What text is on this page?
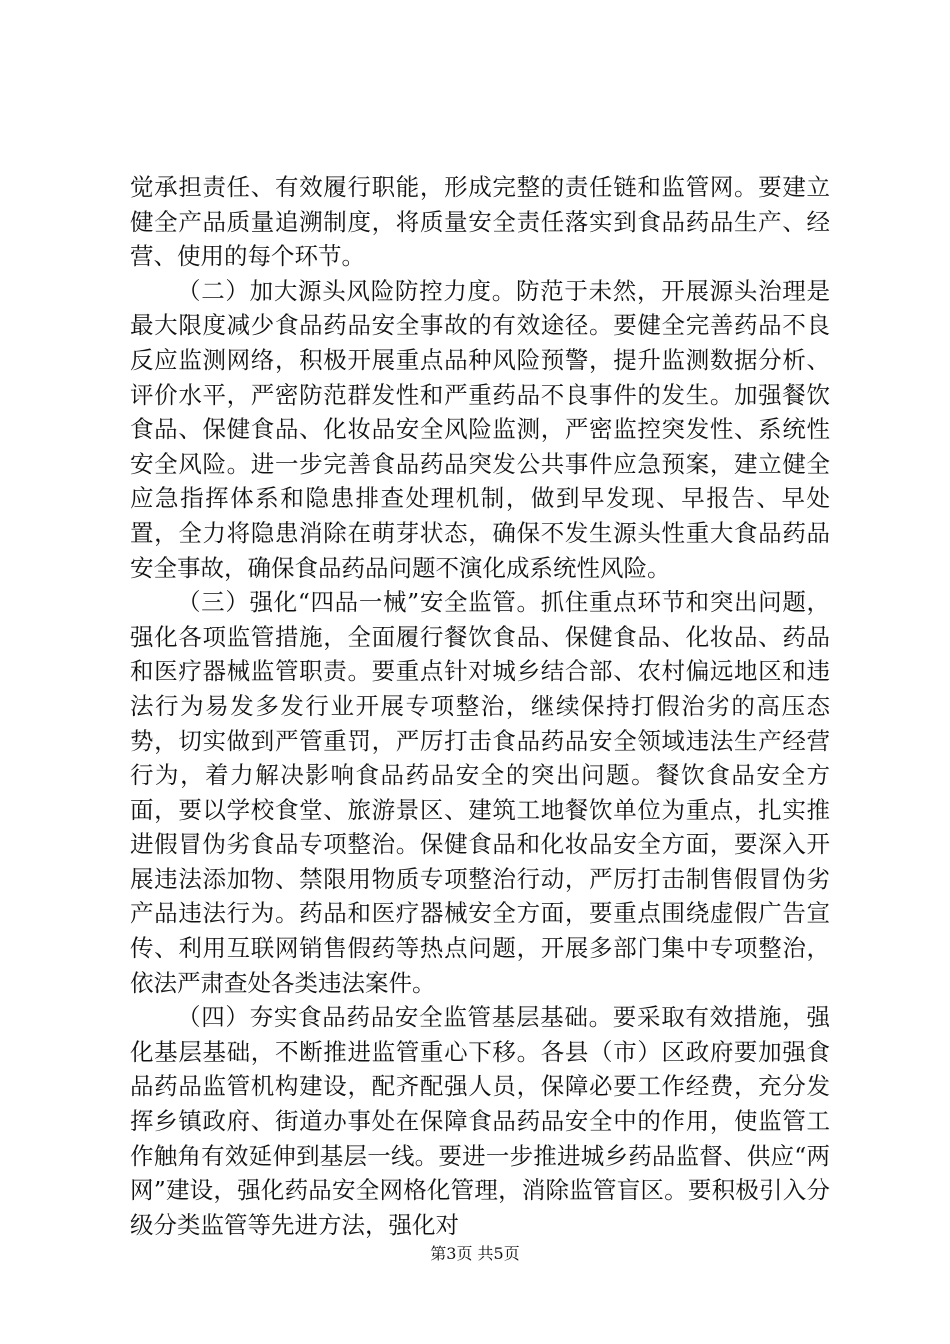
觉承担责任、有效履行职能，形成完整的责任链和监管网。要建立健全产品质量追溯制度，将质量安全责任落实到食品药品生产、经营、使用的每个环节。

（二）加大源头风险防控力度。防范于未然，开展源头治理是最大限度减少食品药品安全事故的有效途径。要健全完善药品不良反应监测网络，积极开展重点品种风险预警，提升监测数据分析、评价水平，严密防范群发性和严重药品不良事件的发生。加强餐饮食品、保健食品、化妆品安全风险监测，严密监控突发性、系统性安全风险。进一步完善食品药品突发公共事件应急预案，建立健全应急指挥体系和隐患排查处理机制，做到早发现、早报告、早处置，全力将隐患消除在萌芽状态，确保不发生源头性重大食品药品安全事故，确保食品药品问题不演化成系统性风险。

（三）强化“四品一械”安全监管。抓住重点环节和突出问题，强化各项监管措施，全面履行餐饮食品、保健食品、化妆品、药品和医疗器械监管职责。要重点针对城乡结合部、农村偏远地区和违法行为易发多发行业开展专项整治，继续保持打假治劣的高压态势，切实做到严管重罚，严厉打击食品药品安全领域违法生产经营行为，着力解决影响食品药品安全的突出问题。餐饮食品安全方面，要以学校食堂、旅游景区、建筑工地餐饮单位为重点，扎实推进假冒伪劣食品专项整治。保健食品和化妆品安全方面，要深入开展违法添加物、禁限用物质专项整治行动，严厉打击制售假冒伪劣产品违法行为。药品和医疗器械安全方面，要重点围绕虚假广告宣传、利用互联网销售假药等热点问题，开展多部门集中专项整治，依法严肃查处各类违法案件。

（四）夯实食品药品安全监管基层基础。要采取有效措施，强化基层基础，不断推进监管重心下移。各县（市）区政府要加强食品药品监管机构建设，配齐配强人员，保障必要工作经费，充分发挥乡镇政府、街道办事处在保障食品药品安全中的作用，使监管工作触角有效延伸到基层一线。要进一步推进城乡药品监督、供应“两网”建设，强化药品安全网格化管理，消除监管盲区。要积极引入分级分类监管等先进方法，强化对

第3页 共5页
